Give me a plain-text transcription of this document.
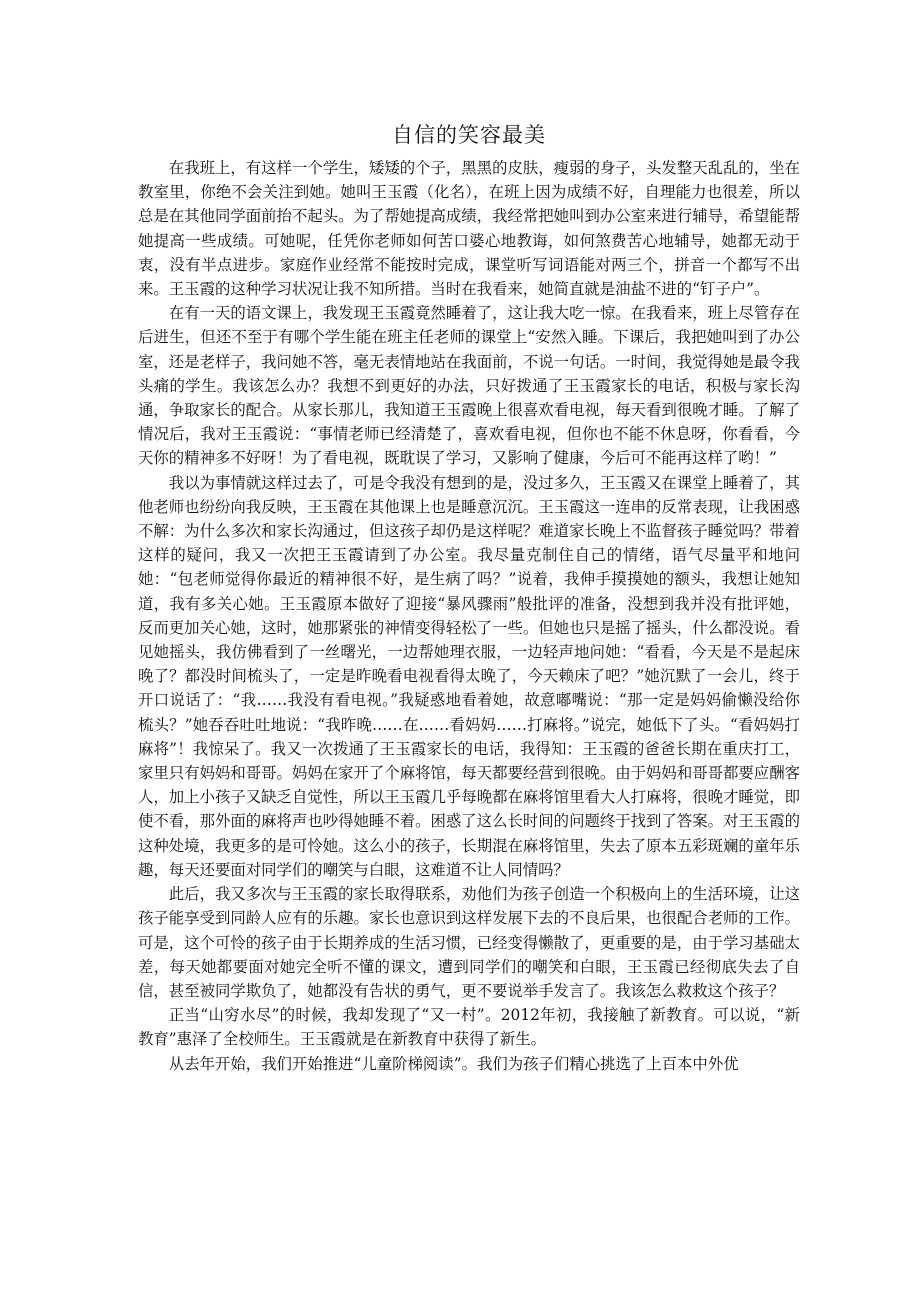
自信的笑容最美

在我班上，有这样一个学生，矮矮的个子，黑黑的皮肤，瘦弱的身子，头发整天乱乱的，坐在教室里，你绝不会关注到她。她叫王玉霞（化名），在班上因为成绩不好，自理能力也很差，所以总是在其他同学面前抬不起头。为了帮她提高成绩，我经常把她叫到办公室来进行辅导，希望能帮她提高一些成绩。可她呢，任凭你老师如何苦口婆心地教诲，如何煞费苦心地辅导，她都无动于衷，没有半点进步。家庭作业经常不能按时完成，课堂听写词语能对两三个，拼音一个都写不出来。王玉霞的这种学习状况让我不知所措。当时在我看来，她简直就是油盐不进的“钉子户”。

在有一天的语文课上，我发现王玉霞竟然睡着了，这让我大吃一惊。在我看来，班上尽管存在后进生，但还不至于有哪个学生能在班主任老师的课堂上“安然入睡。下课后，我把她叫到了办公室，还是老样子，我问她不答，毫无表情地站在我面前，不说一句话。一时间，我觉得她是最令我头痛的学生。我该怎么办？我想不到更好的办法，只好拨通了王玉霞家长的电话，积极与家长沟通，争取家长的配合。从家长那儿，我知道王玉霞晚上很喜欢看电视，每天看到很晚才睡。了解了情况后，我对王玉霞说：“事情老师已经清楚了，喜欢看电视，但你也不能不休息呀，你看看，今天你的精神多不好呀！为了看电视，既耽误了学习，又影响了健康，今后可不能再这样了哟！”

我以为事情就这样过去了，可是令我没有想到的是，没过多久，王玉霞又在课堂上睡着了，其他老师也纷纷向我反映，王玉霞在其他课上也是睡意沉沉。王玉霞这一连串的反常表现，让我困惑不解：为什么多次和家长沟通过，但这孩子却仍是这样呢？难道家长晚上不监督孩子睡觉吗？带着这样的疑问，我又一次把王玉霞请到了办公室。我尽量克制住自己的情绪，语气尽量平和地问她：“包老师觉得你最近的精神很不好，是生病了吗？”说着，我伸手摸摸她的额头，我想让她知道，我有多关心她。王玉霞原本做好了迎接“暴风骤雨”般批评的准备，没想到我并没有批评她，反而更加关心她，这时，她那紧张的神情变得轻松了一些。但她也只是摇了摇头，什么都没说。看见她摇头，我仿佛看到了一丝曙光，一边帮她理衣服，一边轻声地问她：“看看，今天是不是起床晚了？都没时间梳头了，一定是昨晚看电视看得太晚了，今天赖床了吧？”她沉默了一会儿，终于开口说话了：“我……我没有看电视。”我疑惑地看着她，故意嘟嘴说：“那一定是妈妈偷懒没给你梳头？”她吞吞吐吐地说：“我昨晚……在……看妈妈……打麻将。”说完，她低下了头。“看妈妈打麻将”！我惊呆了。我又一次拨通了王玉霞家长的电话，我得知：王玉霞的爸爸长期在重庆打工，家里只有妈妈和哥哥。妈妈在家开了个麻将馆，每天都要经营到很晚。由于妈妈和哥哥都要应酬客人，加上小孩子又缺乏自觉性，所以王玉霞几乎每晚都在麻将馆里看大人打麻将，很晚才睡觉，即使不看，那外面的麻将声也吵得她睡不着。困惑了这么长时间的问题终于找到了答案。对王玉霞的这种处境，我更多的是可怜她。这么小的孩子，长期混在麻将馆里，失去了原本五彩斑斓的童年乐趣，每天还要面对同学们的嘲笑与白眼，这难道不让人同情吗？

此后，我又多次与王玉霞的家长取得联系，劝他们为孩子创造一个积极向上的生活环境，让这孩子能享受到同龄人应有的乐趣。家长也意识到这样发展下去的不良后果，也很配合老师的工作。可是，这个可怜的孩子由于长期养成的生活习惯，已经变得懒散了，更重要的是，由于学习基础太差，每天她都要面对她完全听不懂的课文，遭到同学们的嘲笑和白眼，王玉霞已经彻底失去了自信，甚至被同学欺负了，她都没有告状的勇气，更不要说举手发言了。我该怎么救救这个孩子？

正当“山穷水尽”的时候，我却发现了“又一村”。2012年初，我接触了新教育。可以说，“新教育”惠泽了全校师生。王玉霞就是在新教育中获得了新生。

从去年开始，我们开始推进“儿童阶梯阅读”。我们为孩子们精心挑选了上百本中外优
